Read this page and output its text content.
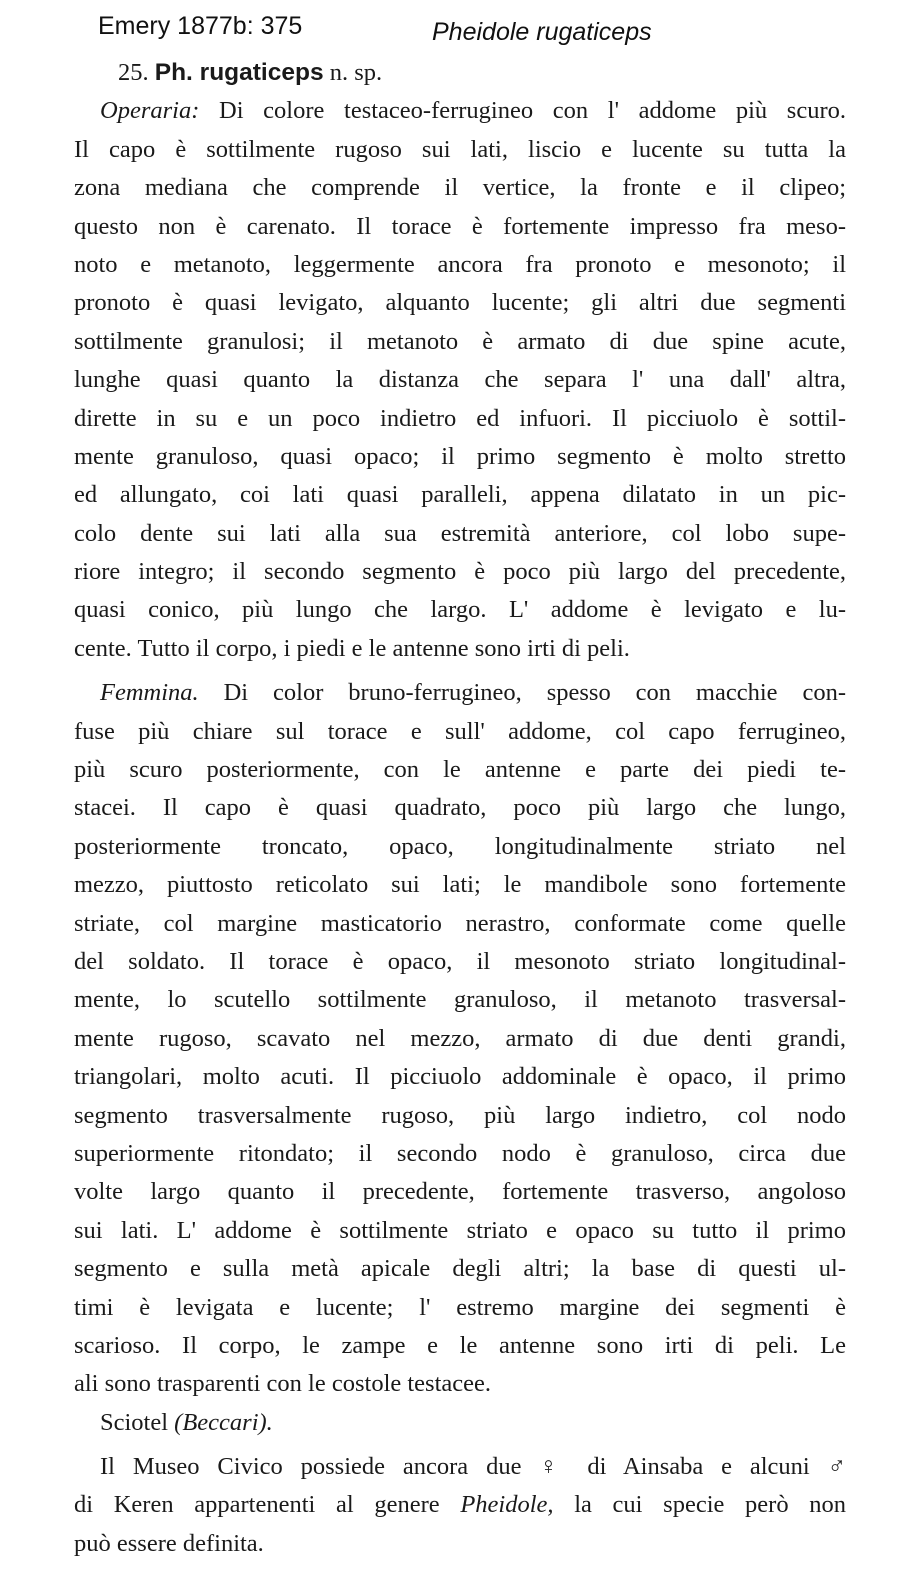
Emery 1877b: 375	Pheidole rugaticeps
25. Ph. rugaticeps n. sp.
Operaria: Di colore testaceo-ferrugineo con l' addome più scuro.
Il capo è sottilmente rugoso sui lati, liscio e lucente su tutta la
zona mediana che comprende il vertice, la fronte e il clipeo;
questo non è carenato. Il torace è fortemente impresso fra meso-
noto e metanoto, leggermente ancora fra pronoto e mesonoto; il
pronoto è quasi levigato, alquanto lucente; gli altri due segmenti
sottilmente granulosi; il metanoto è armato di due spine acute,
lunghe quasi quanto la distanza che separa l' una dall' altra,
dirette in su e un poco indietro ed infuori. Il picciuolo è sottil-
mente granuloso, quasi opaco; il primo segmento è molto stretto
ed allungato, coi lati quasi paralleli, appena dilatato in un pic-
colo dente sui lati alla sua estremità anteriore, col lobo supe-
riore integro; il secondo segmento è poco più largo del precedente,
quasi conico, più lungo che largo. L' addome è levigato e lu-
cente. Tutto il corpo, i piedi e le antenne sono irti di peli.
Femmina. Di color bruno-ferrugineo, spesso con macchie con-
fuse più chiare sul torace e sull' addome, col capo ferrugineo,
più scuro posteriormente, con le antenne e parte dei piedi te-
stacei. Il capo è quasi quadrato, poco più largo che lungo,
posteriormente troncato, opaco, longitudinalmente striato nel
mezzo, piuttosto reticolato sui lati; le mandibole sono fortemente
striate, col margine masticatorio nerastro, conformate come quelle
del soldato. Il torace è opaco, il mesonoto striato longitudinal-
mente, lo scutello sottilmente granuloso, il metanoto trasversal-
mente rugoso, scavato nel mezzo, armato di due denti grandi,
triangolari, molto acuti. Il picciuolo addominale è opaco, il primo
segmento trasversalmente rugoso, più largo indietro, col nodo
superiormente ritondato; il secondo nodo è granuloso, circa due
volte largo quanto il precedente, fortemente trasverso, angoloso
sui lati. L' addome è sottilmente striato e opaco su tutto il primo
segmento e sulla metà apicale degli altri; la base di questi ul-
timi è levigata e lucente; l' estremo margine dei segmenti è
scarioso. Il corpo, le zampe e le antenne sono irti di peli. Le
ali sono trasparenti con le costole testacee.
Sciotel (Beccari).
Il Museo Civico possiede ancora due ♀ di Ainsaba e alcuni ♂
di Keren appartenenti al genere Pheidole, la cui specie però non
può essere definita.
